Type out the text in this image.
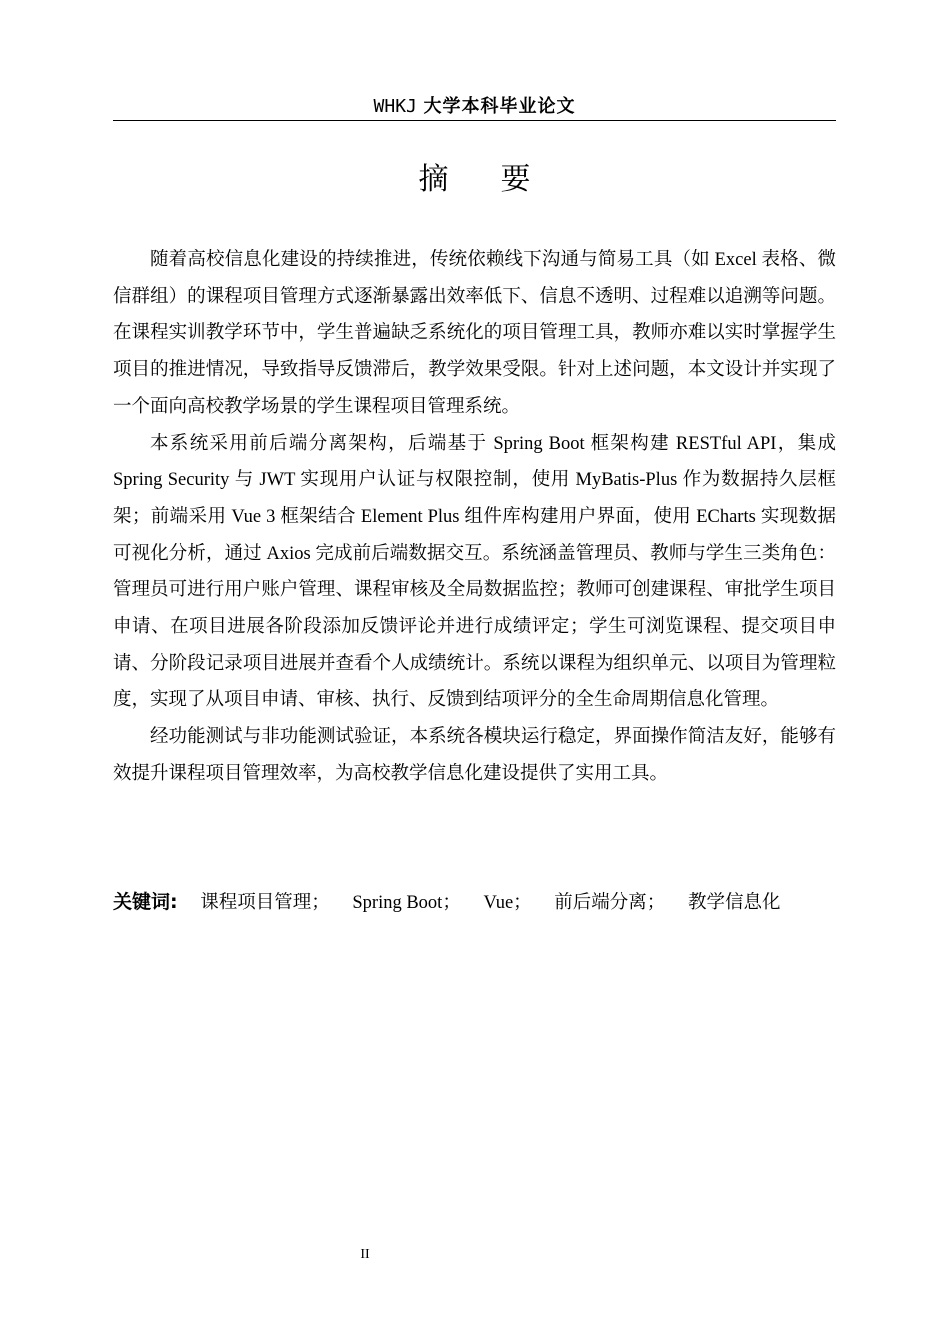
WHKJ 大学本科毕业论文
摘要

随着高校信息化建设的持续推进，传统依赖线下沟通与简易工具（如 Excel 表格、微信群组）的课程项目管理方式逐渐暴露出效率低下、信息不透明、过程难以追溯等问题。在课程实训教学环节中，学生普遍缺乏系统化的项目管理工具，教师亦难以实时掌握学生项目的推进情况，导致指导反馈滞后，教学效果受限。针对上述问题，本文设计并实现了一个面向高校教学场景的学生课程项目管理系统。

本系统采用前后端分离架构，后端基于 Spring Boot 框架构建 RESTful API，集成 Spring Security 与 JWT 实现用户认证与权限控制，使用 MyBatis-Plus 作为数据持久层框架；前端采用 Vue 3 框架结合 Element Plus 组件库构建用户界面，使用 ECharts 实现数据可视化分析，通过 Axios 完成前后端数据交互。系统涵盖管理员、教师与学生三类角色：管理员可进行用户账户管理、课程审核及全局数据监控；教师可创建课程、审批学生项目申请、在项目进展各阶段添加反馈评论并进行成绩评定；学生可浏览课程、提交项目申请、分阶段记录项目进展并查看个人成绩统计。系统以课程为组织单元、以项目为管理粒度，实现了从项目申请、审核、执行、反馈到结项评分的全生命周期信息化管理。

经功能测试与非功能测试验证，本系统各模块运行稳定，界面操作简洁友好，能够有效提升课程项目管理效率，为高校教学信息化建设提供了实用工具。

关键词: 课程项目管理； Spring Boot； Vue； 前后端分离； 教学信息化
II
